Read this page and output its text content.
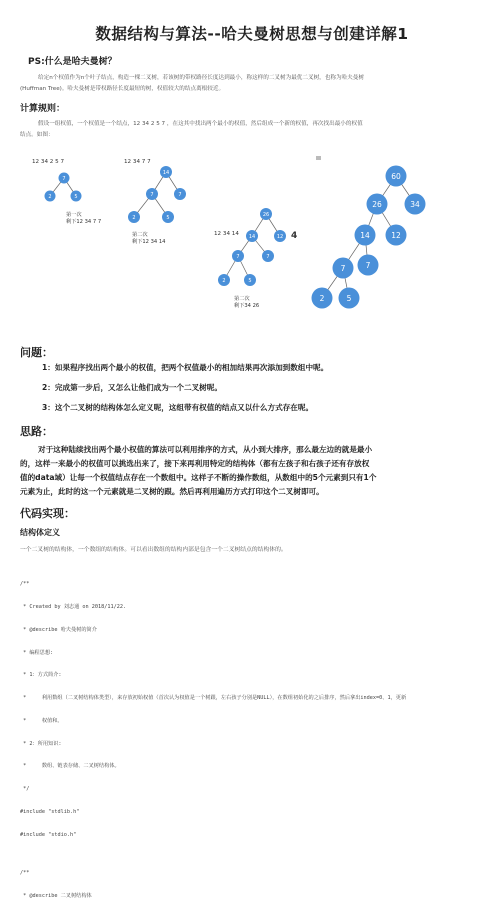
数据结构与算法--哈夫曼树思想与创建详解1
PS:什么是哈夫曼树？
给定n个权值作为n个叶子结点，构造一棵二叉树，若该树的带权路径长度达到最小，称这样的二叉树为最优二叉树，也称为哈夫曼树
(Huffman Tree)。哈夫曼树是带权路径长度最短的树，权值较大的结点离根较近。
计算规则：
假设一组权值，一个权值是一个结点，12 34 2 5 7 ，在这其中找出两个最小的权值，然后组成一个新的权值，再次找出最小的权值
结点。如图：
12 34 2 5 7	12 34 7 7
12 34 14
第一次
剩下12 34 7 7
第二次
剩下12 34 14
第二次
剩下34 26
4
7
2	5
14
7	7
2	5	26
14	12
7	7
2	5
60
26	34
14	12
7	7
2	5
问题：
1：如果程序找出两个最小的权值，把两个权值最小的相加结果再次添加到数组中呢。
2：完成第一步后，又怎么让他们成为一个二叉树呢。
3：这个二叉树的结构体怎么定义呢，这组带有权值的结点又以什么方式存在呢。
思路：
对于这种陆续找出两个最小权值的算法可以利用排序的方式，从小到大排序，那么最左边的就是最小
的，这样一来最小的权值可以挑选出来了，接下来再利用特定的结构体（都有左孩子和右孩子还有存放权
值的data域）让每一个权值结点存在一个数组中。这样子不断的操作数组，从数组中的5个元素到只有1个
元素为止，此时的这一个元素就是二叉树的跟。然后再利用遍历方式打印这个二叉树即可。
代码实现：
结构体定义
一个二叉树的结构体，一个数组的结构体。可以看出数组的结构内部是包含一个二叉树结点的结构体的。

/**

* Created by 刘志通 on 2018/11/22.

* @describe 哈夫曼树的简介

* 编程思想:

* 1：方式简介:

*     利用数组（二叉树结构体类型），来存放初始权值（首次认为权值是一个树跟，左右孩子分别是NULL），在数组初始化的之后排序，然后拿出index=0、1，更新

*     权值和。

* 2：所用知识:

*     数组、链表存储、二叉树结构体。

*/

#include "stdlib.h"

#include "stdio.h"

/**

* @describe 二叉树结构体
